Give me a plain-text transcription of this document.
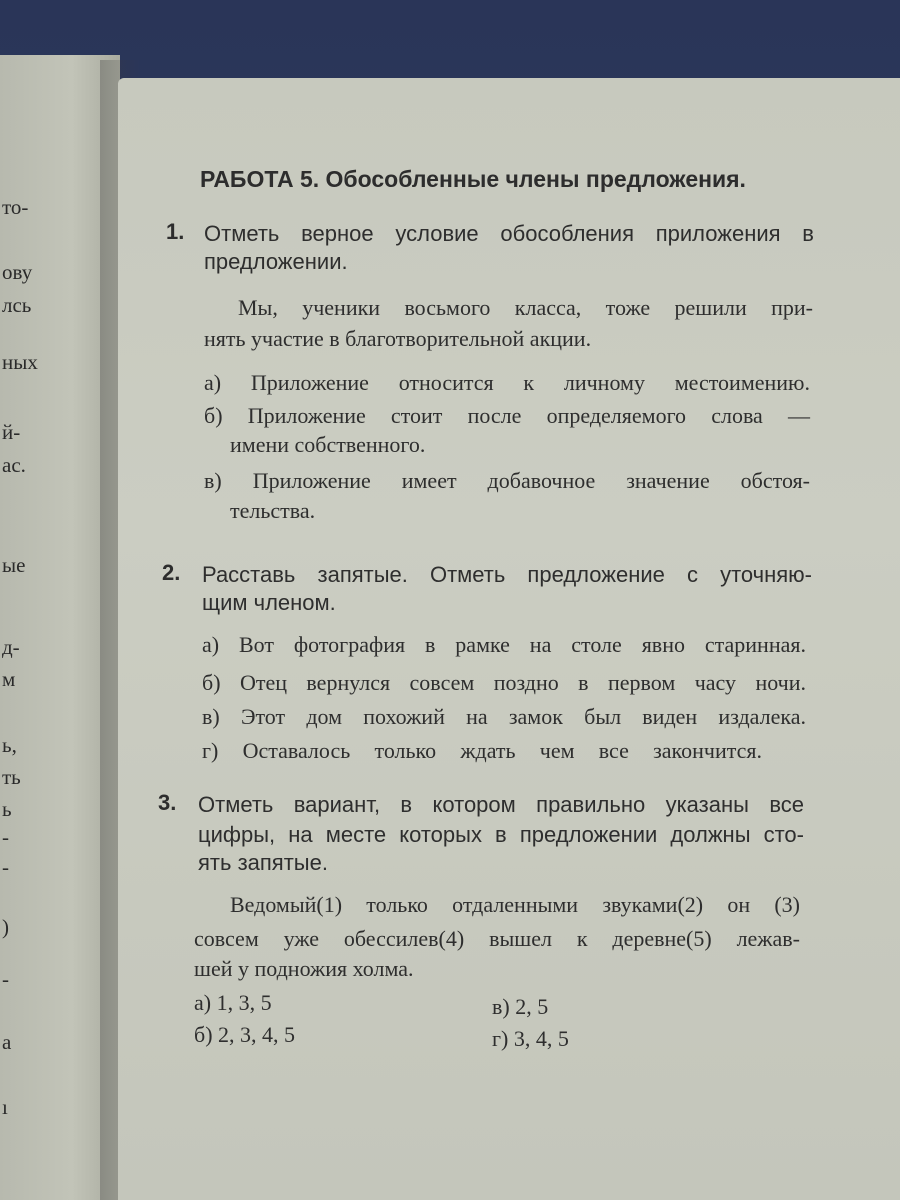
то-
ову
лсь
ных
й-
ас.
ые
д-
м
ь,
ть
ь
-
-
)
-
а
ı
РАБОТА 5. Обособленные члены предложения.
1. Отметь верное условие обособления приложения в
предложении.
Мы, ученики восьмого класса, тоже решили при-
нять участие в благотворительной акции.
а) Приложение относится к личному местоимению.
б) Приложение стоит после определяемого слова —
имени собственного.
в) Приложение имеет добавочное значение обстоя-
тельства.
2. Расставь запятые. Отметь предложение с уточняю-
щим членом.
а) Вот фотография в рамке на столе явно старинная.
б) Отец вернулся совсем поздно в первом часу ночи.
в) Этот дом похожий на замок был виден издалека.
г) Оставалось только ждать чем все закончится.
3. Отметь вариант, в котором правильно указаны все
цифры, на месте которых в предложении должны сто-
ять запятые.
Ведомый(1) только отдаленными звуками(2) он (3)
совсем уже обессилев(4) вышел к деревне(5) лежав-
шей у подножия холма.
а) 1, 3, 5
б) 2, 3, 4, 5
в) 2, 5
г) 3, 4, 5
